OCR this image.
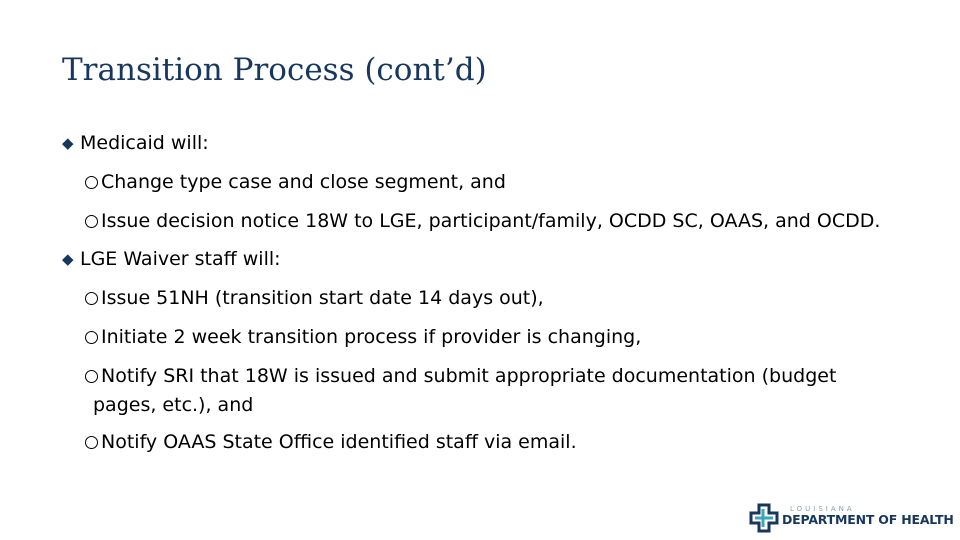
Transition Process (cont’d)
◆ Medicaid will:
Change type case and close segment, and
Issue decision notice 18W to LGE, participant/family, OCDD SC, OAAS, and OCDD.
◆ LGE Waiver staff will:
Issue 51NH (transition start date 14 days out),
Initiate 2 week transition process if provider is changing,
Notify SRI that 18W is issued and submit appropriate documentation (budget
pages, etc.), and
Notify OAAS State Office identified staff via email.

LOUISIANA

DEPARTMENT OF HEALTH
